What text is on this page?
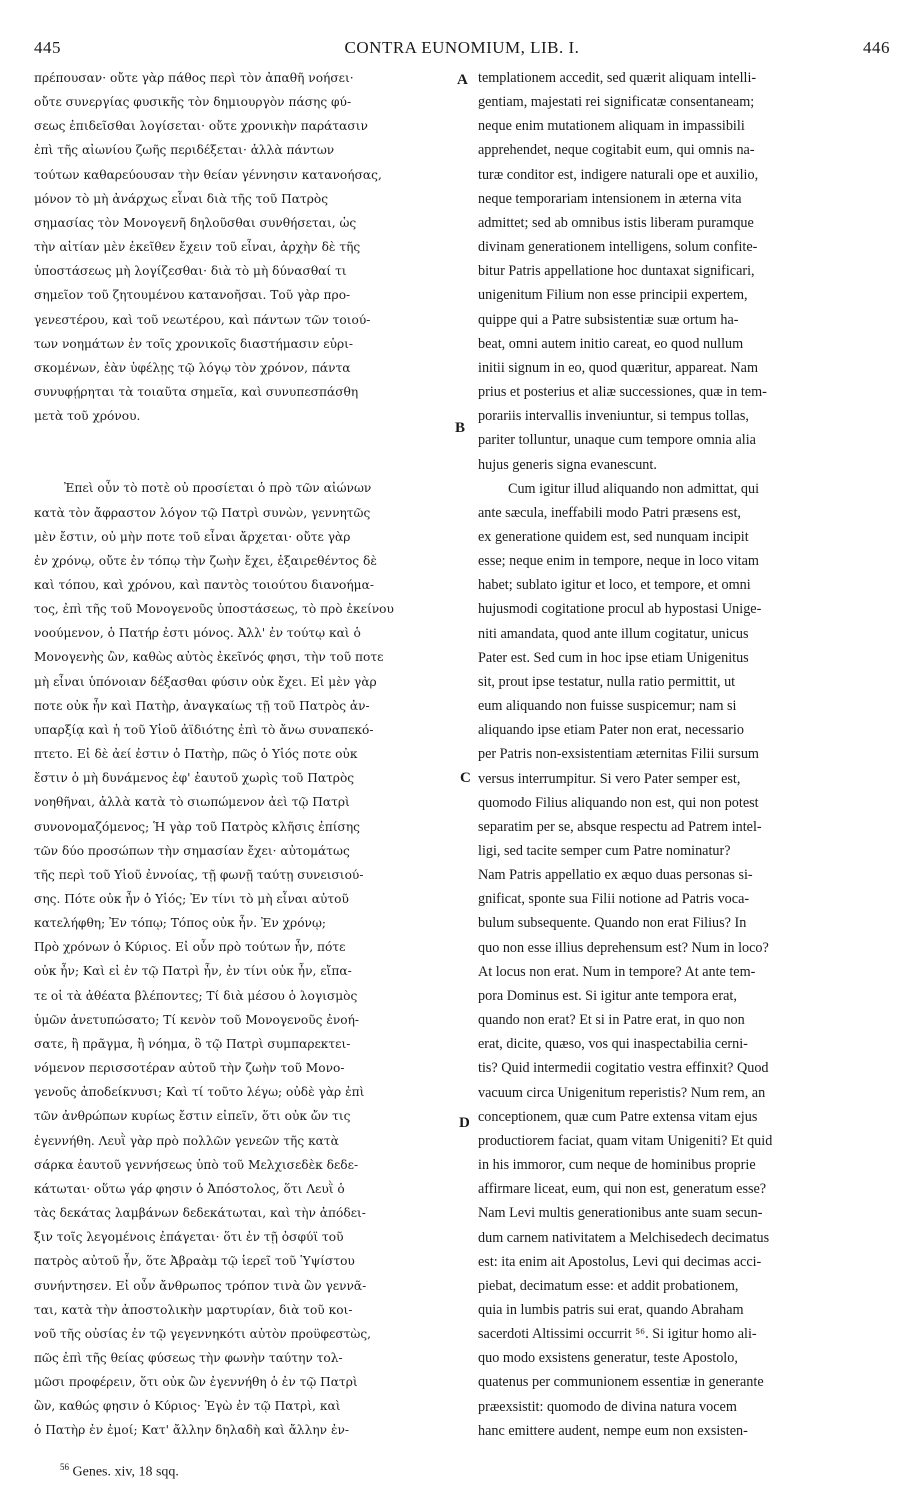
445	CONTRA EUNOMIUM, LIB. I.	446
πρέπουσαν· οὔτε γὰρ πάθος περὶ τὸν ἀπαθῆ νοήσει·
οὔτε συνεργίας φυσικῆς τὸν δημιουργὸν πάσης φύ-
σεως ἐπιδεῖσθαι λογίσεται· οὔτε χρονικὴν παράτασιν
ἐπὶ τῆς αἰωνίου ζωῆς περιδέξεται· ἀλλὰ πάντων
τούτων καθαρεύουσαν τὴν θείαν γέννησιν κατανοήσας,
μόνον τὸ μὴ ἀνάρχως εἶναι διὰ τῆς τοῦ Πατρὸς
σημασίας τὸν Μονογενῆ δηλοῦσθαι συνθήσεται, ὡς
τὴν αἰτίαν μὲν ἐκεῖθεν ἔχειν τοῦ εἶναι, ἀρχὴν δὲ τῆς
ὑποστάσεως μὴ λογίζεσθαι· διὰ τὸ μὴ δύνασθαί τι
σημεῖον τοῦ ζητουμένου κατανοῆσαι. Τοῦ γὰρ προ-
γενεστέρου, καὶ τοῦ νεωτέρου, καὶ πάντων τῶν τοιού-
των νοημάτων ἐν τοῖς χρονικοῖς διαστήμασιν εὑρι-
σκομένων, ἐὰν ὑφέλῃς τῷ λόγῳ τὸν χρόνον, πάντα
συνυφῄρηται τὰ τοιαῦτα σημεῖα, καὶ συνυπεσπάσθη
μετὰ τοῦ χρόνου.
Ἐπεὶ οὖν τὸ ποτὲ οὐ προσίεται ὁ πρὸ τῶν αἰώνων
κατὰ τὸν ἄφραστον λόγον τῷ Πατρὶ συνὼν, γεννητῶς
μὲν ἔστιν, οὐ μὴν ποτε τοῦ εἶναι ἄρχεται· οὔτε γὰρ
ἐν χρόνῳ, οὔτε ἐν τόπῳ τὴν ζωὴν ἔχει, ἐξαιρεθέντος δὲ
καὶ τόπου, καὶ χρόνου, καὶ παντὸς τοιούτου διανοήμα-
τος, ἐπὶ τῆς τοῦ Μονογενοῦς ὑποστάσεως, τὸ πρὸ ἐκείνου
νοούμενον, ὁ Πατήρ ἐστι μόνος. Ἀλλ' ἐν τούτῳ καὶ ὁ
Μονογενὴς ὢν, καθὼς αὐτὸς ἐκεῖνός φησι, τὴν τοῦ ποτε
μὴ εἶναι ὑπόνοιαν δέξασθαι φύσιν οὐκ ἔχει. Εἰ μὲν γὰρ
ποτε οὐκ ἦν καὶ Πατὴρ, ἀναγκαίως τῇ τοῦ Πατρὸς ἀν-
υπαρξίᾳ καὶ ἡ τοῦ Υἱοῦ ἀϊδιότης ἐπὶ τὸ ἄνω συναπεκό-
πτετο. Εἰ δὲ ἀεί ἐστιν ὁ Πατὴρ, πῶς ὁ Υἱός ποτε οὐκ
ἔστιν ὁ μὴ δυνάμενος ἐφ' ἑαυτοῦ χωρὶς τοῦ Πατρὸς
νοηθῆναι, ἀλλὰ κατὰ τὸ σιωπώμενον ἀεὶ τῷ Πατρὶ
συνονομαζόμενος; Ἡ γὰρ τοῦ Πατρὸς κλῆσις ἐπίσης
τῶν δύο προσώπων τὴν σημασίαν ἔχει· αὐτομάτως
τῆς περὶ τοῦ Υἱοῦ ἐννοίας, τῇ φωνῇ ταύτῃ συνεισιού-
σης. Πότε οὐκ ἦν ὁ Υἱός; Ἐν τίνι τὸ μὴ εἶναι αὐτοῦ
κατελήφθη; Ἐν τόπῳ; Τόπος οὐκ ἦν. Ἐν χρόνῳ;
Πρὸ χρόνων ὁ Κύριος. Εἰ οὖν πρὸ τούτων ἦν, πότε
οὐκ ἦν; Καὶ εἰ ἐν τῷ Πατρὶ ἦν, ἐν τίνι οὐκ ἦν, εἴπα-
τε οἱ τὰ ἀθέατα βλέποντες; Τί διὰ μέσου ὁ λογισμὸς
ὑμῶν ἀνετυπώσατο; Τί κενὸν τοῦ Μονογενοῦς ἐνοή-
σατε, ἢ πρᾶγμα, ἢ νόημα, ὃ τῷ Πατρὶ συμπαρεκτει-
νόμενον περισσοτέραν αὐτοῦ τὴν ζωὴν τοῦ Μονο-
γενοῦς ἀποδείκνυσι; Καὶ τί τοῦτο λέγω; οὐδὲ γὰρ ἐπὶ
τῶν ἀνθρώπων κυρίως ἔστιν εἰπεῖν, ὅτι οὐκ ὤν τις
ἐγεννήθη. Λευῒ γὰρ πρὸ πολλῶν γενεῶν τῆς κατὰ
σάρκα ἑαυτοῦ γεννήσεως ὑπὸ τοῦ Μελχισεδὲκ δεδε-
κάτωται· οὕτω γάρ φησιν ὁ Ἀπόστολος, ὅτι Λευῒ ὁ
τὰς δεκάτας λαμβάνων δεδεκάτωται, καὶ τὴν ἀπόδει-
ξιν τοῖς λεγομένοις ἐπάγεται· ὅτι ἐν τῇ ὀσφύϊ τοῦ
πατρὸς αὐτοῦ ἦν, ὅτε Ἀβραὰμ τῷ ἱερεῖ τοῦ Ὑψίστου
συνήντησεν. Εἰ οὖν ἄνθρωπος τρόπον τινὰ ὢν γεννᾶ-
ται, κατὰ τὴν ἀποστολικὴν μαρτυρίαν, διὰ τοῦ κοι-
νοῦ τῆς οὐσίας ἐν τῷ γεγεννηκότι αὐτὸν προϋφεστὼς,
πῶς ἐπὶ τῆς θείας φύσεως τὴν φωνὴν ταύτην τολ-
μῶσι προφέρειν, ὅτι οὐκ ὢν ἐγεννήθη ὁ ἐν τῷ Πατρὶ
ὢν, καθώς φησιν ὁ Κύριος· Ἐγὼ ἐν τῷ Πατρὶ, καὶ
ὁ Πατὴρ ἐν ἐμοί; Κατ' ἄλλην δηλαδὴ καὶ ἄλλην ἐν-
templationem accedit, sed quærit aliquam intelli-
gentiam, majestati rei significatæ consentaneam;
neque enim mutationem aliquam in impassibili
apprehendet, neque cogitabit eum, qui omnis na-
turæ conditor est, indigere naturali ope et auxilio,
neque temporariam intensionem in æterna vita
admittet; sed ab omnibus istis liberam puramque
divinam generationem intelligens, solum confite-
bitur Patris appellatione hoc duntaxat significari,
unigenitum Filium non esse principii expertem,
quippe qui a Patre subsistentiæ suæ ortum ha-
beat, omni autem initio careat, eo quod nullum
initii signum in eo, quod quæritur, appareat. Nam
prius et posterius et aliæ successiones, quæ in tem-
porariis intervallis inveniuntur, si tempus tollas,
pariter tolluntur, unaque cum tempore omnia alia
hujus generis signa evanescunt.
Cum igitur illud aliquando non admittat, qui
ante sæcula, ineffabili modo Patri præsens est,
ex generatione quidem est, sed nunquam incipit
esse; neque enim in tempore, neque in loco vitam
habet; sublato igitur et loco, et tempore, et omni
hujusmodi cogitatione procul ab hypostasi Unige-
niti amandata, quod ante illum cogitatur, unicus
Pater est. Sed cum in hoc ipse etiam Unigenitus
sit, prout ipse testatur, nulla ratio permittit, ut
eum aliquando non fuisse suspicemur; nam si
aliquando ipse etiam Pater non erat, necessario
per Patris non-exsistentiam æternitas Filii sursum
versus interrumpitur. Si vero Pater semper est,
quomodo Filius aliquando non est, qui non potest
separatim per se, absque respectu ad Patrem intel-
ligi, sed tacite semper cum Patre nominatur?
Nam Patris appellatio ex æquo duas personas si-
gnificat, sponte sua Filii notione ad Patris voca-
bulum subsequente. Quando non erat Filius? In
quo non esse illius deprehensum est? Num in loco?
At locus non erat. Num in tempore? At ante tem-
pora Dominus est. Si igitur ante tempora erat,
quando non erat? Et si in Patre erat, in quo non
erat, dicite, quæso, vos qui inaspectabilia cerni-
tis? Quid intermedii cogitatio vestra effinxit? Quod
vacuum circa Unigenitum reperistis? Num rem, an
conceptionem, quæ cum Patre extensa vitam ejus
productiorem faciat, quam vitam Unigeniti? Et quid
in his immoror, cum neque de hominibus proprie
affirmare liceat, eum, qui non est, generatum esse?
Nam Levi multis generationibus ante suam secun-
dum carnem nativitatem a Melchisedech decimatus
est: ita enim ait Apostolus, Levi qui decimas acci-
piebat, decimatum esse: et addit probationem,
quia in lumbis patris sui erat, quando Abraham
sacerdoti Altissimi occurrit ⁵⁶. Si igitur homo ali-
quo modo exsistens generatur, teste Apostolo,
quatenus per communionem essentiæ in generante
præexsistit: quomodo de divina natura vocem
hanc emittere audent, nempe eum non exsisten-
A
B
C
D
$^{56}$ Genes. xiv, 18 sqq.
